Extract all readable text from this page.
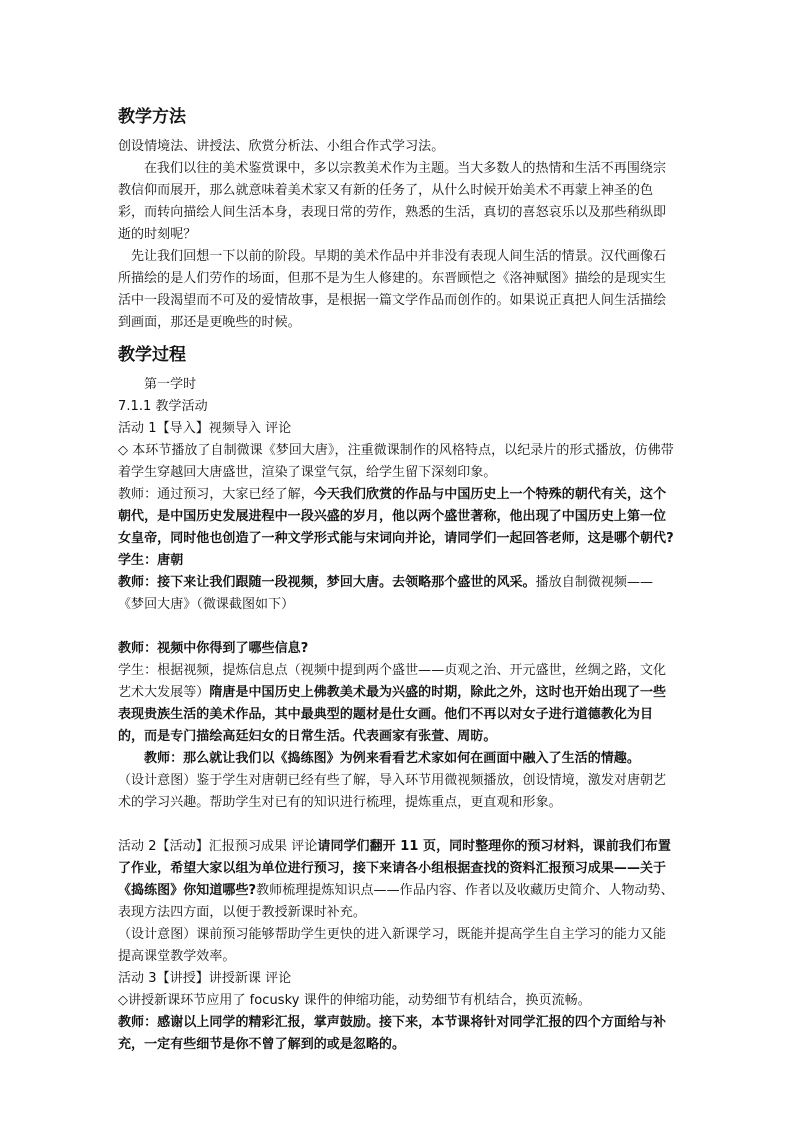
教学方法

创设情境法、讲授法、欣赏分析法、小组合作式学习法。

在我们以往的美术鉴赏课中，多以宗教美术作为主题。当大多数人的热情和生活不再围绕宗教信仰而展开，那么就意味着美术家又有新的任务了，从什么时候开始美术不再蒙上神圣的色彩，而转向描绘人间生活本身，表现日常的劳作，熟悉的生活，真切的喜怒哀乐以及那些稍纵即逝的时刻呢？

先让我们回想一下以前的阶段。早期的美术作品中并非没有表现人间生活的情景。汉代画像石所描绘的是人们劳作的场面，但那不是为生人修建的。东晋顾恺之《洛神赋图》描绘的是现实生活中一段渴望而不可及的爱情故事，是根据一篇文学作品而创作的。如果说正真把人间生活描绘到画面，那还是更晚些的时候。

教学过程

第一学时

7.1.1 教学活动

活动 1【导入】视频导入 评论

◇ 本环节播放了自制微课《梦回大唐》，注重微课制作的风格特点，以纪录片的形式播放，仿佛带着学生穿越回大唐盛世，渲染了课堂气氛，给学生留下深刻印象。

教师：通过预习，大家已经了解，今天我们欣赏的作品与中国历史上一个特殊的朝代有关，这个朝代，是中国历史发展进程中一段兴盛的岁月，他以两个盛世著称，他出现了中国历史上第一位女皇帝，同时他也创造了一种文学形式能与宋词向并论，请同学们一起回答老师，这是哪个朝代?学生：唐朝

教师：接下来让我们跟随一段视频，梦回大唐。去领略那个盛世的风采。播放自制微视频——《梦回大唐》（微课截图如下）

教师：视频中你得到了哪些信息?

学生：根据视频，提炼信息点（视频中提到两个盛世——贞观之治、开元盛世，丝绸之路，文化艺术大发展等）隋唐是中国历史上佛教美术最为兴盛的时期，除此之外，这时也开始出现了一些表现贵族生活的美术作品，其中最典型的题材是仕女画。他们不再以对女子进行道德教化为目的，而是专门描绘高廷妇女的日常生活。代表画家有张萱、周昉。

教师：那么就让我们以《捣练图》为例来看看艺术家如何在画面中融入了生活的情趣。

（设计意图）鉴于学生对唐朝已经有些了解，导入环节用微视频播放，创设情境，激发对唐朝艺术的学习兴趣。帮助学生对已有的知识进行梳理，提炼重点，更直观和形象。

活动 2【活动】汇报预习成果 评论请同学们翻开 11 页，同时整理你的预习材料，课前我们布置了作业，希望大家以组为单位进行预习，接下来请各小组根据查找的资料汇报预习成果——关于《捣练图》你知道哪些?教师梳理提炼知识点——作品内容、作者以及收藏历史简介、人物动势、表现方法四方面，以便于教授新课时补充。

（设计意图）课前预习能够帮助学生更快的进入新课学习，既能并提高学生自主学习的能力又能提高课堂教学效率。

活动 3【讲授】讲授新课 评论

◇讲授新课环节应用了 focusky 课件的伸缩功能，动势细节有机结合，换页流畅。

教师：感谢以上同学的精彩汇报，掌声鼓励。接下来，本节课将针对同学汇报的四个方面给与补充，一定有些细节是你不曾了解到的或是忽略的。
